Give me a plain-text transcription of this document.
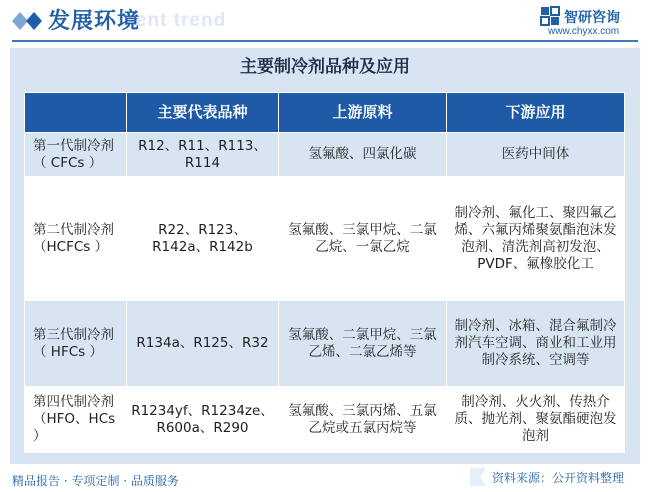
ment trend
发展环境	智研咨询
www.chyxx.com
主要制冷剂品种及应用
	主要代表品种	上游原料	下游应用
第一代制冷剂（ CFCs ）	R12、R11、R113、R114	氢氟酸、四氯化碳	医药中间体
第二代制冷剂（HCFCs ）	R22、R123、R142a、R142b	氢氟酸、三氯甲烷、二氯乙烷、一氯乙烷	制冷剂、氟化工、聚四氟乙烯、六氟丙烯聚氨酯泡沫发泡剂、清洗剂高初发泡、PVDF、氟橡胶化工
第三代制冷剂（ HFCs ）	R134a、R125、R32	氢氟酸、二氯甲烷、三氯乙烯、二氯乙烯等	制冷剂、冰箱、混合氟制冷剂汽车空调、商业和工业用制冷系统、空调等
第四代制冷剂（HFO、HCs ）	R1234yf、R1234ze、R600a、R290	氢氟酸、三氯丙烯、五氯乙烷或五氯丙烷等	制冷剂、火火剂、传热介质、抛光剂、聚氨酯硬泡发泡剂
精品报告 · 专项定制 · 品质服务	资料来源：公开资料整理
